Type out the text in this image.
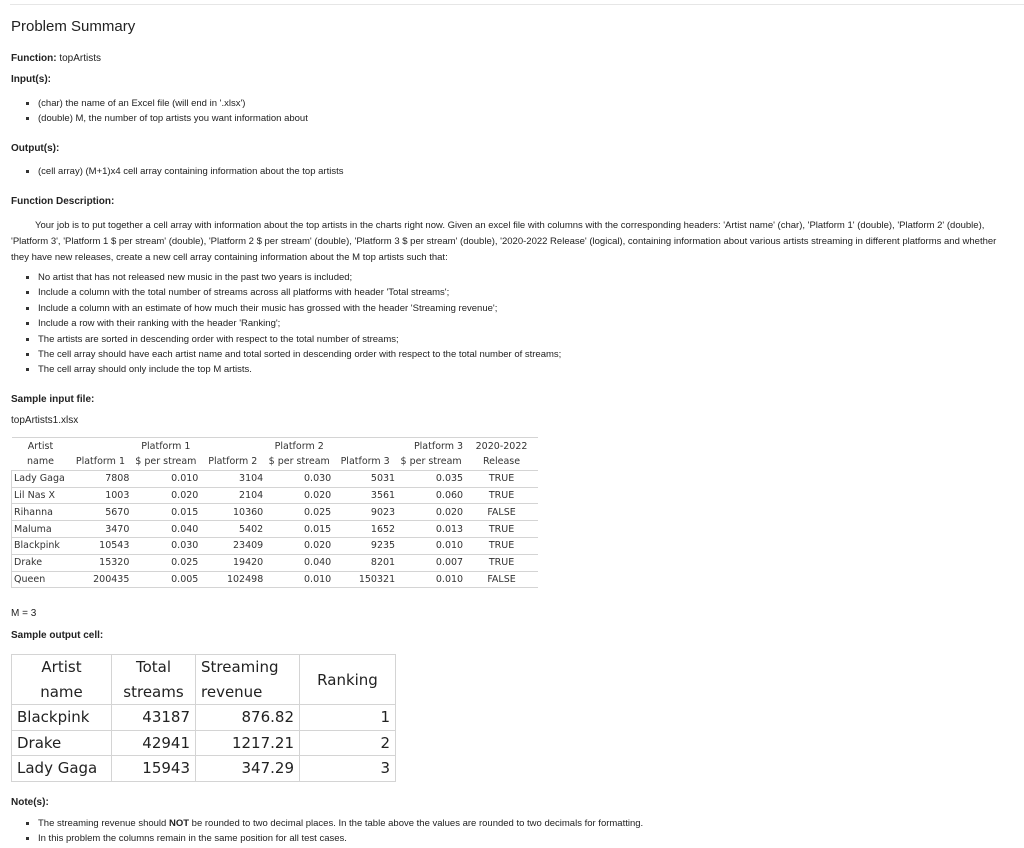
Problem Summary
Function: topArtists
Input(s):
(char) the name of an Excel file (will end in '.xlsx')
(double) M, the number of top artists you want information about
Output(s):
(cell array) (M+1)x4 cell array containing information about the top artists
Function Description:
Your job is to put together a cell array with information about the top artists in the charts right now. Given an excel file with columns with the corresponding headers: 'Artist name' (char), 'Platform 1' (double), 'Platform 2' (double), 'Platform 3', 'Platform 1 $ per stream' (double), 'Platform 2 $ per stream' (double), 'Platform 3 $ per stream' (double), '2020-2022 Release' (logical), containing information about various artists streaming in different platforms and whether they have new releases, create a new cell array containing information about the M top artists such that:
No artist that has not released new music in the past two years is included;
Include a column with the total number of streams across all platforms with header 'Total streams';
Include a column with an estimate of how much their music has grossed with the header 'Streaming revenue';
Include a row with their ranking with the header 'Ranking';
The artists are sorted in descending order with respect to the total number of streams;
The cell array should have each artist name and total sorted in descending order with respect to the total number of streams;
The cell array should only include the top M artists.
Sample input file:
topArtists1.xlsx
Artist		Platform 1		Platform 2		Platform 3	2020-2022
name	Platform 1	$ per stream	Platform 2	$ per stream	Platform 3	$ per stream	Release
Lady Gaga	7808	0.010	3104	0.030	5031	0.035	TRUE
Lil Nas X	1003	0.020	2104	0.020	3561	0.060	TRUE
Rihanna	5670	0.015	10360	0.025	9023	0.020	FALSE
Maluma	3470	0.040	5402	0.015	1652	0.013	TRUE
Blackpink	10543	0.030	23409	0.020	9235	0.010	TRUE
Drake	15320	0.025	19420	0.040	8201	0.007	TRUE
Queen	200435	0.005	102498	0.010	150321	0.010	FALSE
M = 3
Sample output cell:
Artist	Total	Streaming	Ranking
name	streams	revenue	
Blackpink	43187	876.82	1
Drake	42941	1217.21	2
Lady Gaga	15943	347.29	3
Note(s):
The streaming revenue should NOT be rounded to two decimal places. In the table above the values are rounded to two decimals for formatting.
In this problem the columns remain in the same position for all test cases.
